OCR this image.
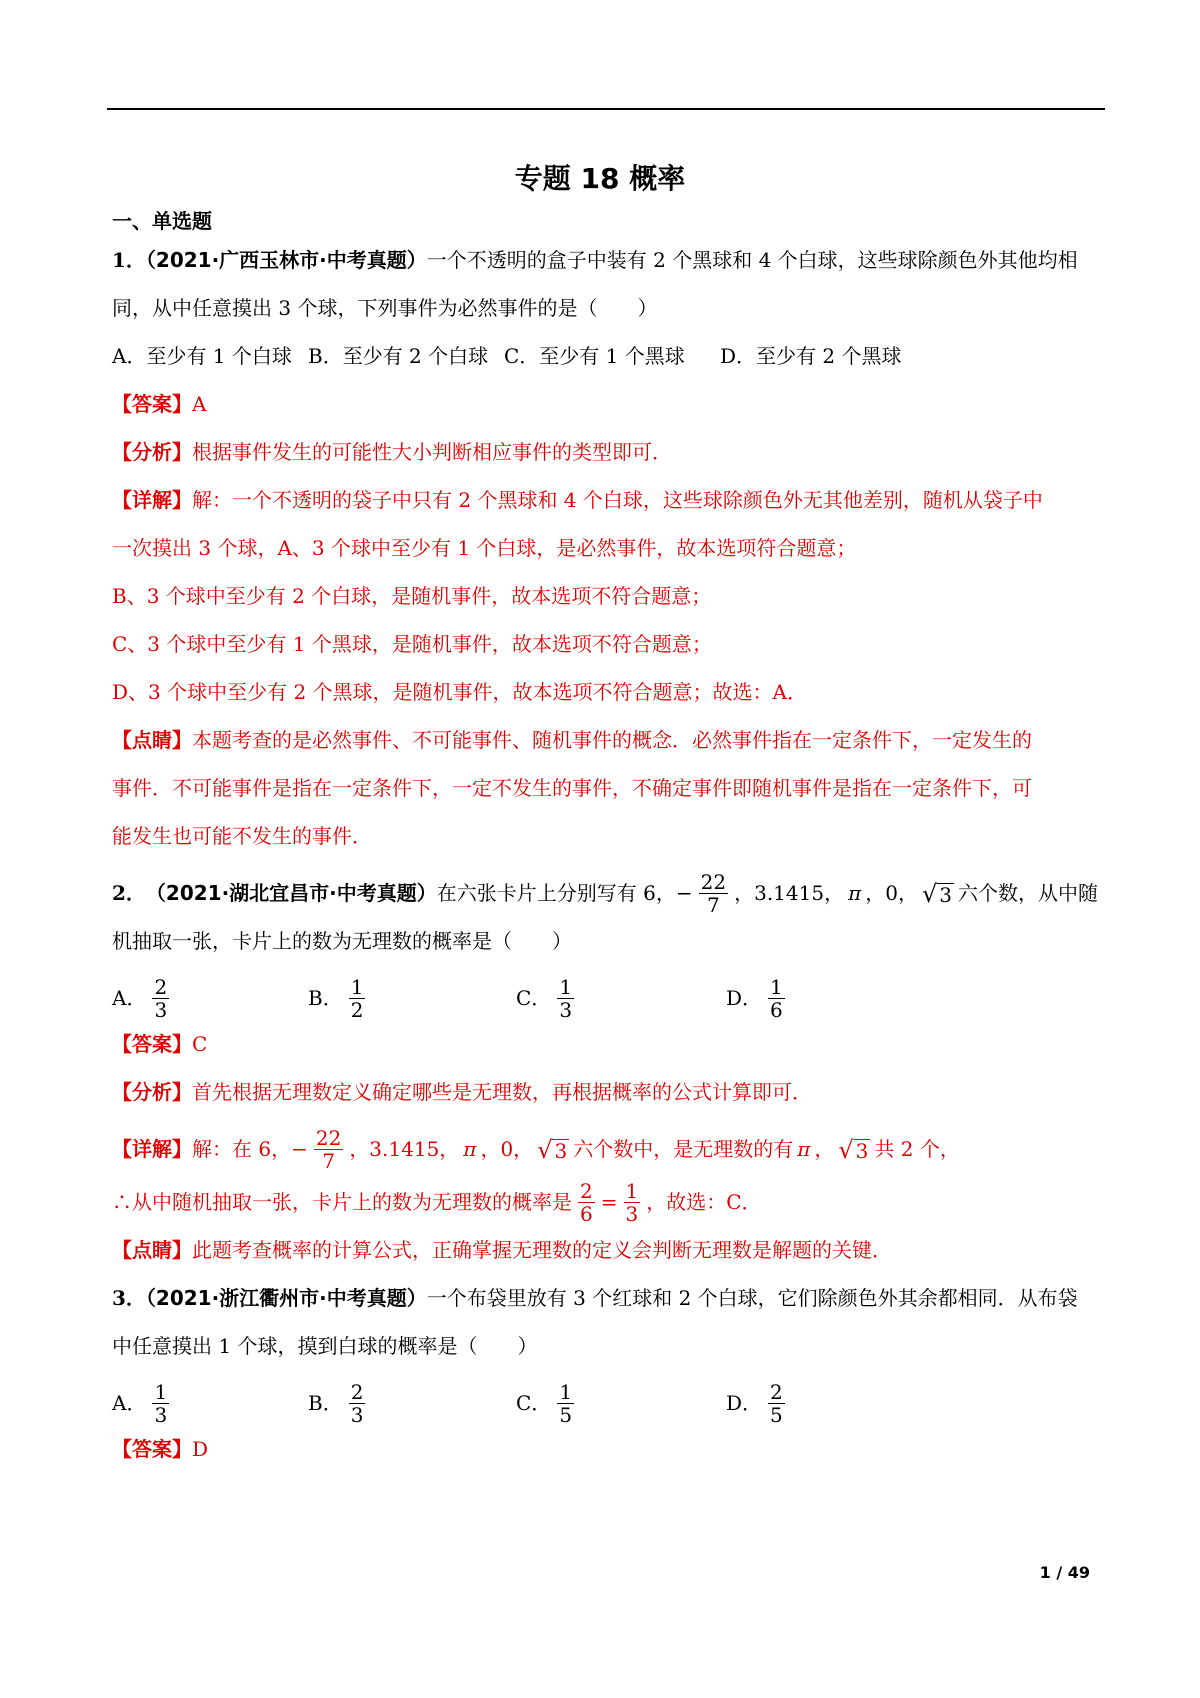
专题 18 概率
一、单选题
1．（2021·广西玉林市·中考真题）一个不透明的盒子中装有 2 个黑球和 4 个白球，这些球除颜色外其他均相
同，从中任意摸出 3 个球，下列事件为必然事件的是（　　）
A．至少有 1 个白球 B．至少有 2 个白球 C．至少有 1 个黑球	D．至少有 2 个黑球
【答案】A
【分析】根据事件发生的可能性大小判断相应事件的类型即可．
【详解】解：一个不透明的袋子中只有 2 个黑球和 4 个白球，这些球除颜色外无其他差别，随机从袋子中
一次摸出 3 个球，A、3 个球中至少有 1 个白球，是必然事件，故本选项符合题意；
B、3 个球中至少有 2 个白球，是随机事件，故本选项不符合题意；
C、3 个球中至少有 1 个黑球，是随机事件，故本选项不符合题意；
D、3 个球中至少有 2 个黑球，是随机事件，故本选项不符合题意；故选：A．
【点睛】本题考查的是必然事件、不可能事件、随机事件的概念．必然事件指在一定条件下，一定发生的
事件．不可能事件是指在一定条件下，一定不发生的事件，不确定事件即随机事件是指在一定条件下，可
能发生也可能不发生的事件．
2． （2021·湖北宜昌市·中考真题） 在六张卡片上分别写有 6， − $\frac{22}{7}$ ，3.1415， π ，0， √ 3 六个数，从中随
机抽取一张，卡片上的数为无理数的概率是（　　）
A． $\frac{2}{3}$	B． $\frac{1}{2}$	C． $\frac{1}{3}$	D． $\frac{1}{6}$
【答案】C
【分析】首先根据无理数定义确定哪些是无理数，再根据概率的公式计算即可．
【详解】 解：在 6， − $\frac{22}{7}$ ，3.1415， π ，0， √ 3 六个数中，是无理数的有 π ， √ 3 共 2 个，
∴从中随机抽取一张，卡片上的数为无理数的概率是 $\frac{2}{6} = \frac{1}{3}$ ，故选：C．
【点睛】此题考查概率的计算公式，正确掌握无理数的定义会判断无理数是解题的关键．
3．（2021·浙江衢州市·中考真题）一个布袋里放有 3 个红球和 2 个白球，它们除颜色外其余都相同．从布袋
中任意摸出 1 个球，摸到白球的概率是（　　）
A． $\frac{1}{3}$	B． $\frac{2}{3}$	C． $\frac{1}{5}$	D． $\frac{2}{5}$
【答案】D
1 / 49
